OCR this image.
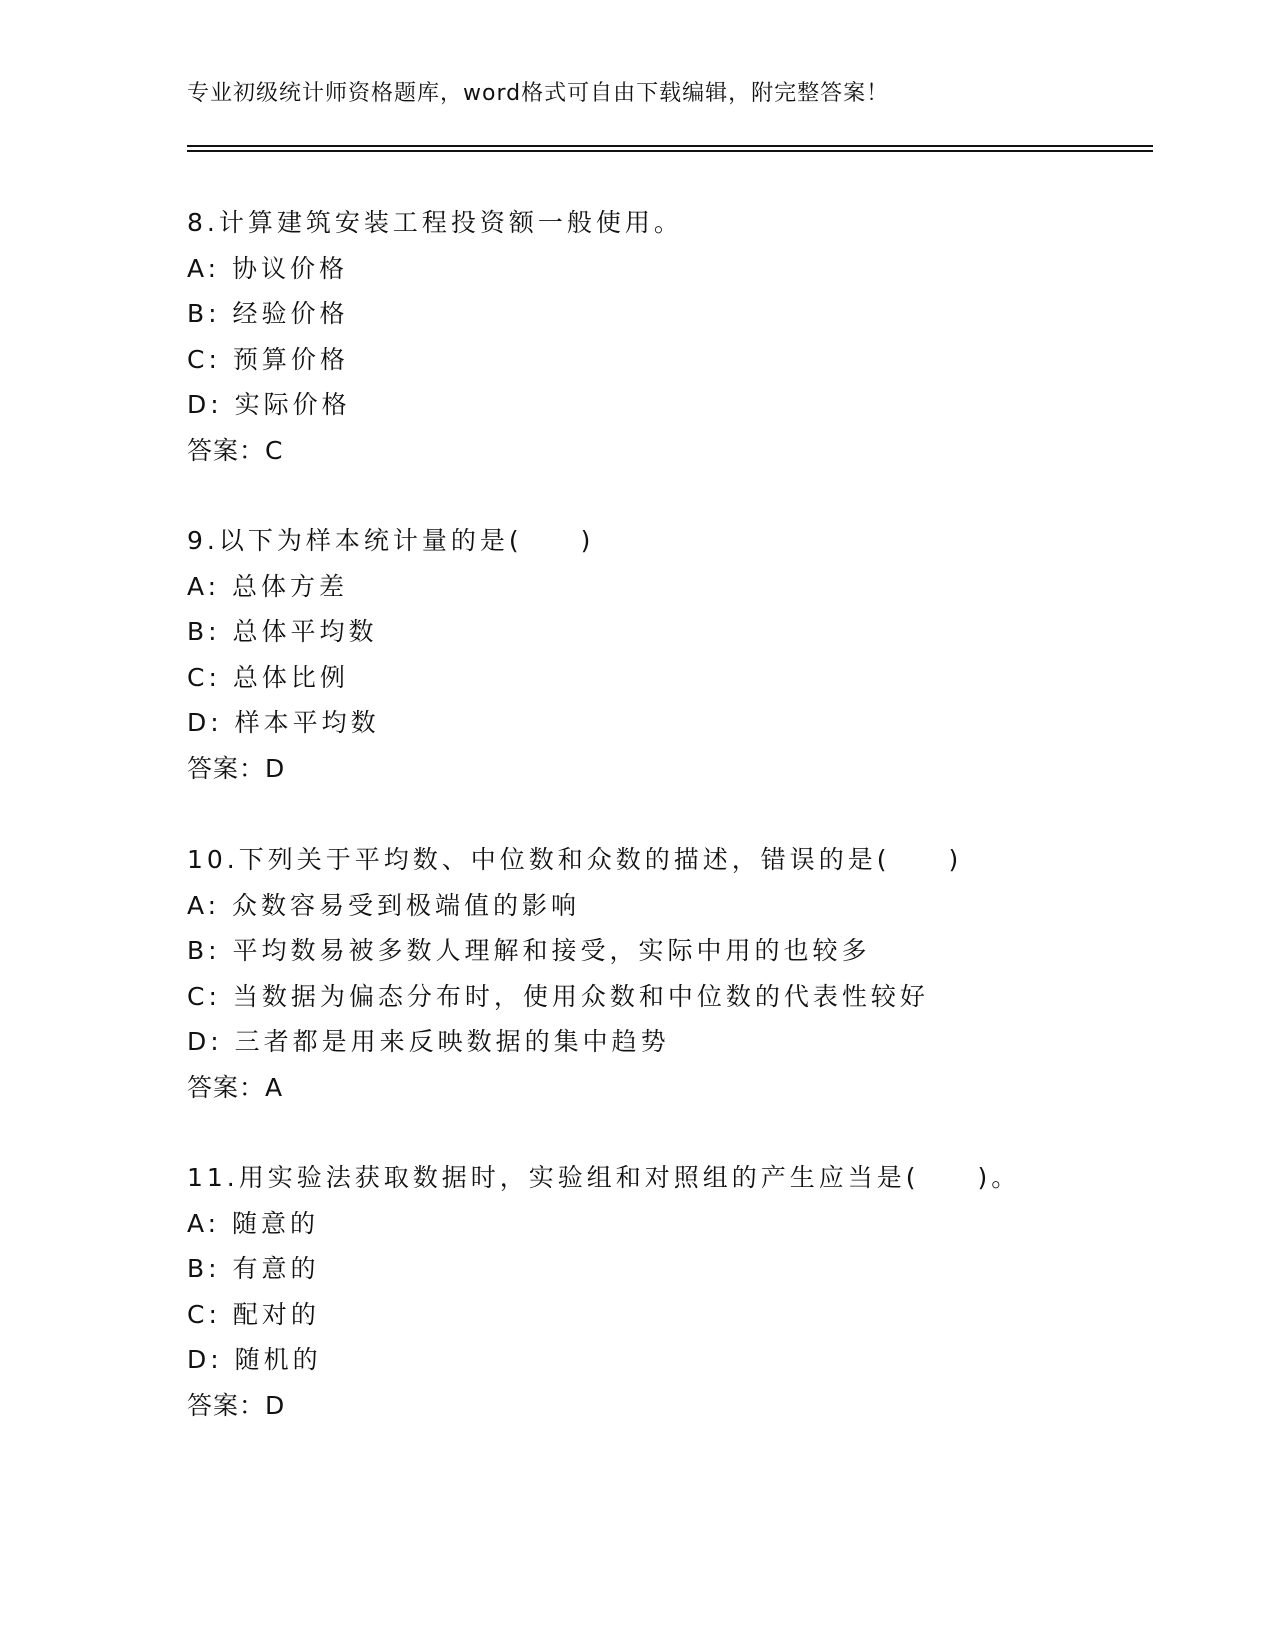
专业初级统计师资格题库，word格式可自由下载编辑，附完整答案！
8.计算建筑安装工程投资额一般使用。
A: 协议价格
B: 经验价格
C: 预算价格
D: 实际价格
答案：C
9.以下为样本统计量的是(　　)
A: 总体方差
B: 总体平均数
C: 总体比例
D: 样本平均数
答案：D
10.下列关于平均数、中位数和众数的描述，错误的是(　　)
A: 众数容易受到极端值的影响
B: 平均数易被多数人理解和接受，实际中用的也较多
C: 当数据为偏态分布时，使用众数和中位数的代表性较好
D: 三者都是用来反映数据的集中趋势
答案：A
11.用实验法获取数据时，实验组和对照组的产生应当是(　　)。
A: 随意的
B: 有意的
C: 配对的
D: 随机的
答案：D
